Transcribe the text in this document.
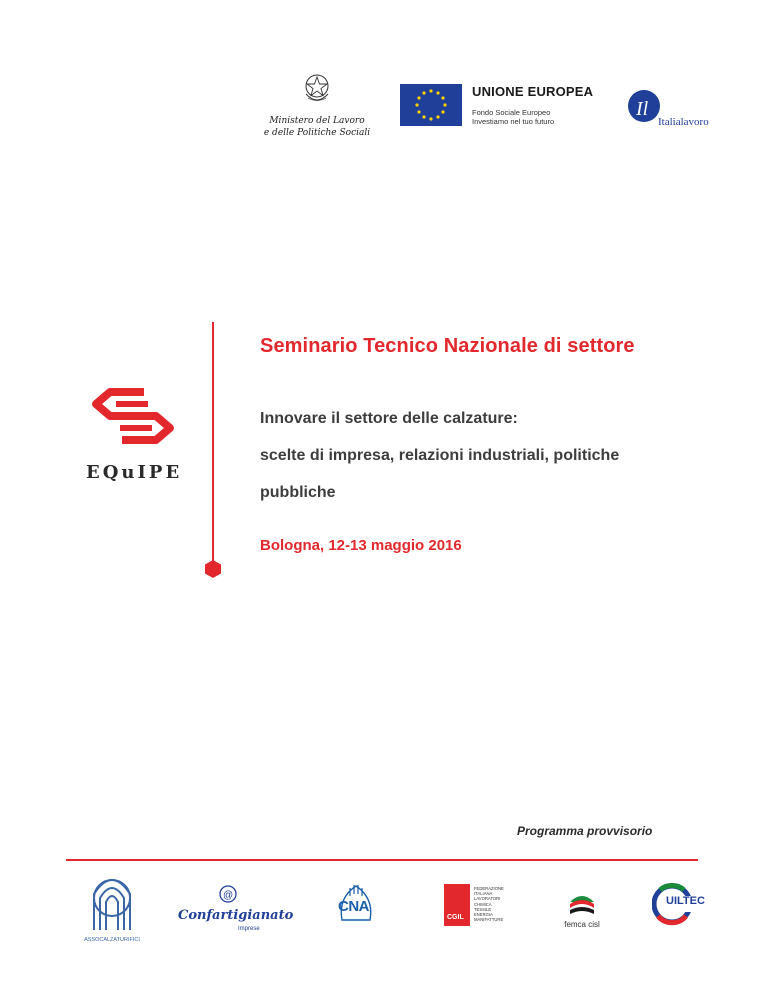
Ministero del Lavoro
e delle Politiche Sociali
UNIONE EUROPEA
Fondo Sociale Europeo
Investiamo nel tuo futuro
Il
Italialavoro
EQuIPE
Seminario Tecnico Nazionale di settore
Innovare il settore delle calzature:
scelte di impresa, relazioni industriali, politiche
pubbliche
Bologna, 12-13 maggio 2016
Programma provvisorio
ASSOCALZATURIFICI
@
Confartigianato
Imprese
CNA
CGIL
FEDERAZIONE
ITALIANA
LAVORATORI
CHIMICA
TESSILE
ENERGIA
MANIFATTURE
femca cisl
UILTEC
